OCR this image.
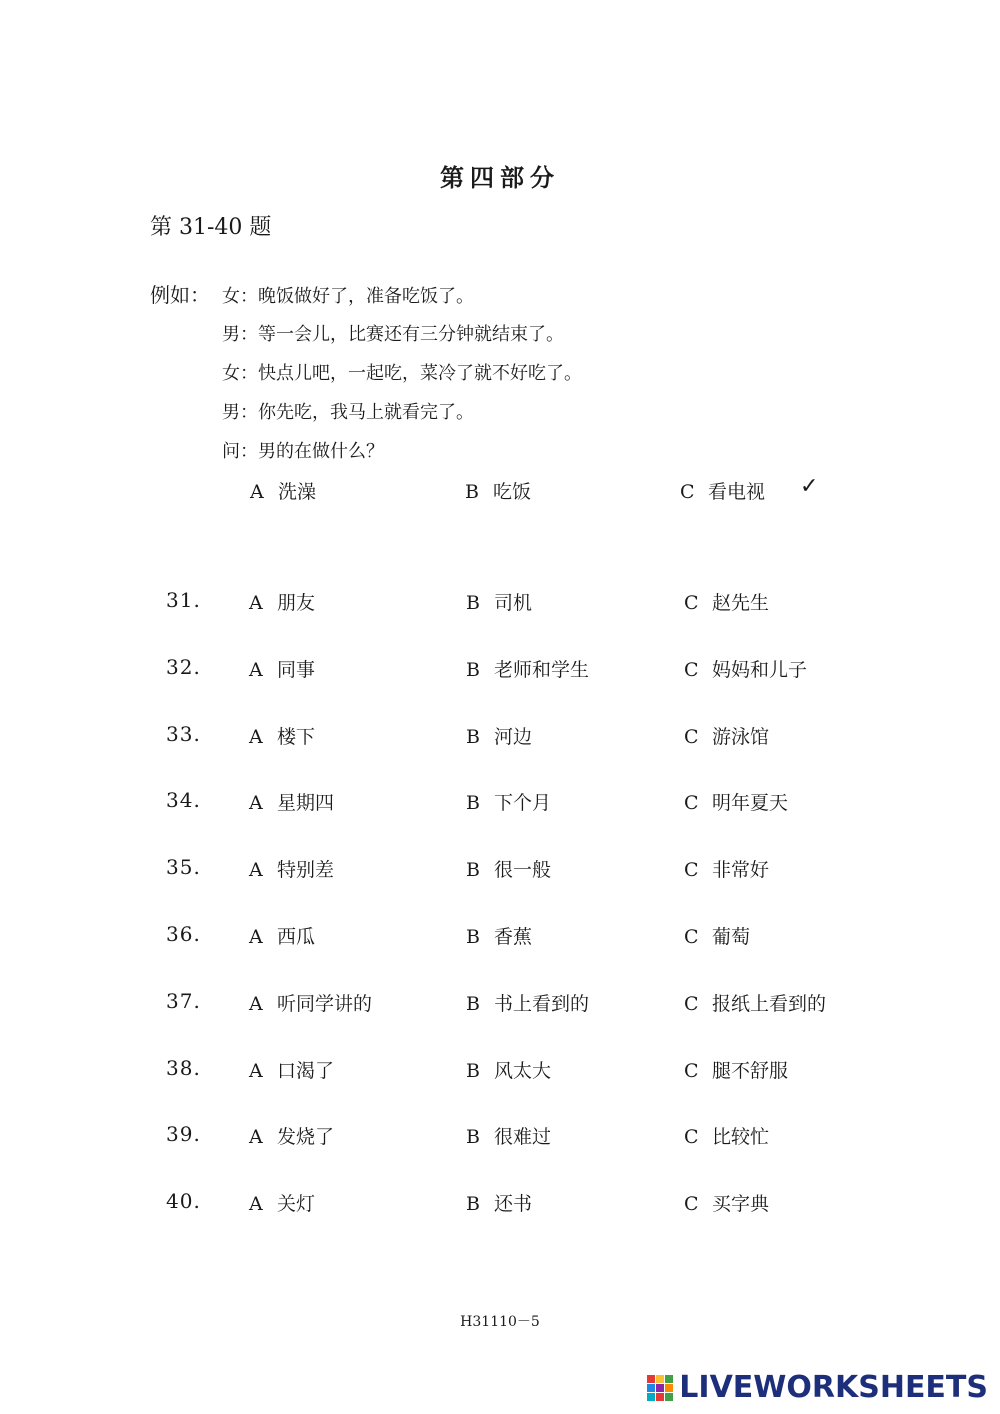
第四部分
第 31-40 题
例如： 女：晚饭做好了，准备吃饭了。
男：等一会儿，比赛还有三分钟就结束了。
女：快点儿吧，一起吃，菜冷了就不好吃了。
男：你先吃，我马上就看完了。
问：男的在做什么？
A 洗澡	B 吃饭	C 看电视 ✓
31.	A 朋友	B 司机	C 赵先生
32.	A 同事	B 老师和学生	C 妈妈和儿子
33.	A 楼下	B 河边	C 游泳馆
34.	A 星期四	B 下个月	C 明年夏天
35.	A 特别差	B 很一般	C 非常好
36.	A 西瓜	B 香蕉	C 葡萄
37.	A 听同学讲的	B 书上看到的	C 报纸上看到的
38.	A 口渴了	B 风太大	C 腿不舒服
39.	A 发烧了	B 很难过	C 比较忙
40.	A 关灯	B 还书	C 买字典
H31110－5
LIVEWORKSHEETS
